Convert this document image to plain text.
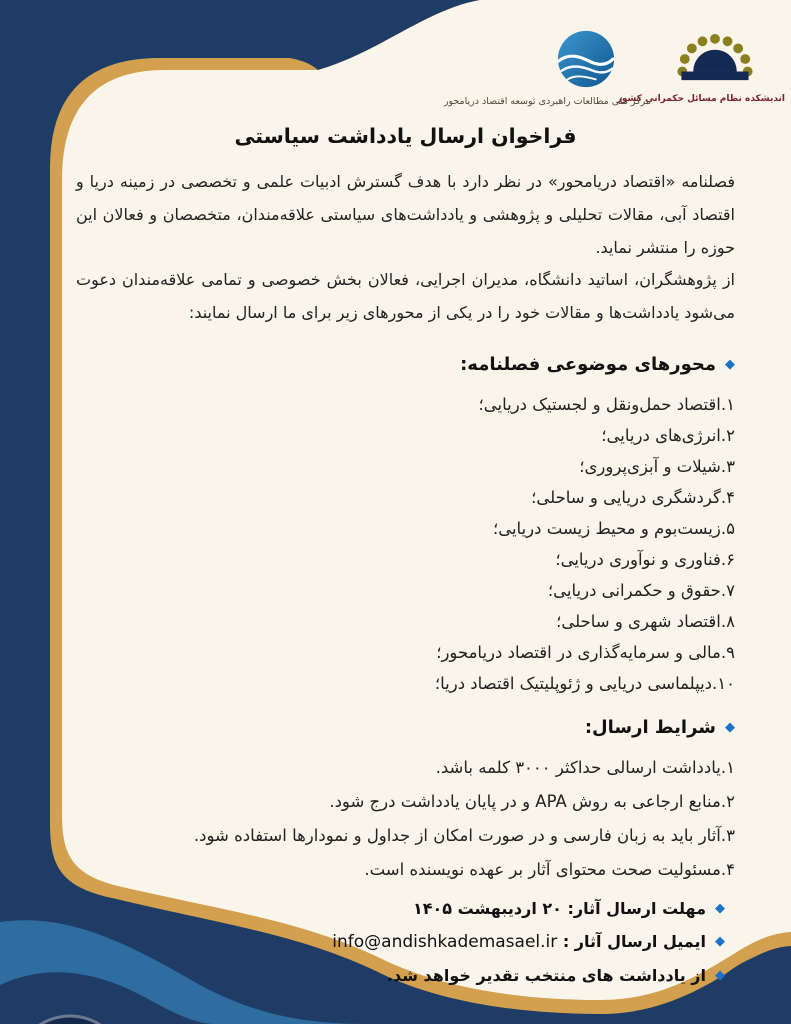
اندیشکده نظام مسائل حکمرانی کشور
مرکز ملی مطالعات راهبردی توسعه اقتصاد دریامحور
فراخوان ارسال یادداشت سیاستی

فصلنامه «اقتصاد دریامحور» در نظر دارد با هدف گسترش ادبیات علمی و تخصصی در زمینه دریا و اقتصاد آبی، مقالات تحلیلی و پژوهشی و یادداشت‌های سیاستی علاقه‌مندان، متخصصان و فعالان این حوزه را منتشر نماید.

از پژوهشگران، اساتید دانشگاه، مدیران اجرایی، فعالان بخش خصوصی و تمامی علاقه‌مندان دعوت می‌شود یادداشت‌ها و مقالات خود را در یکی از محورهای زیر برای ما ارسال نمایند:

◆محورهای موضوعی فصلنامه:
۱.اقتصاد حمل‌ونقل و لجستیک دریایی؛
۲.انرژی‌های دریایی؛
۳.شیلات و آبزی‌پروری؛
۴.گردشگری دریایی و ساحلی؛
۵.زیست‌بوم و محیط زیست دریایی؛
۶.فناوری و نوآوری دریایی؛
۷.حقوق و حکمرانی دریایی؛
۸.اقتصاد شهری و ساحلی؛
۹.مالی و سرمایه‌گذاری در اقتصاد دریامحور؛
۱۰.دیپلماسی دریایی و ژئوپلیتیک اقتصاد دریا؛
◆شرایط ارسال:
۱.یادداشت ارسالی حداکثر ۳۰۰۰ کلمه باشد.
۲.منابع ارجاعی به روش APA و در پایان یادداشت درج شود.
۳.آثار باید به زبان فارسی و در صورت امکان از جداول و نمودارها استفاده شود.
۴.مسئولیت صحت محتوای آثار بر عهده نویسنده است.
◆مهلت ارسال آثار: ۲۰ اردیبهشت ۱۴۰۵
◆ایمیل ارسال آثار : info@andishkademasael.ir
◆از یادداشت های منتخب تقدیر خواهد شد.
